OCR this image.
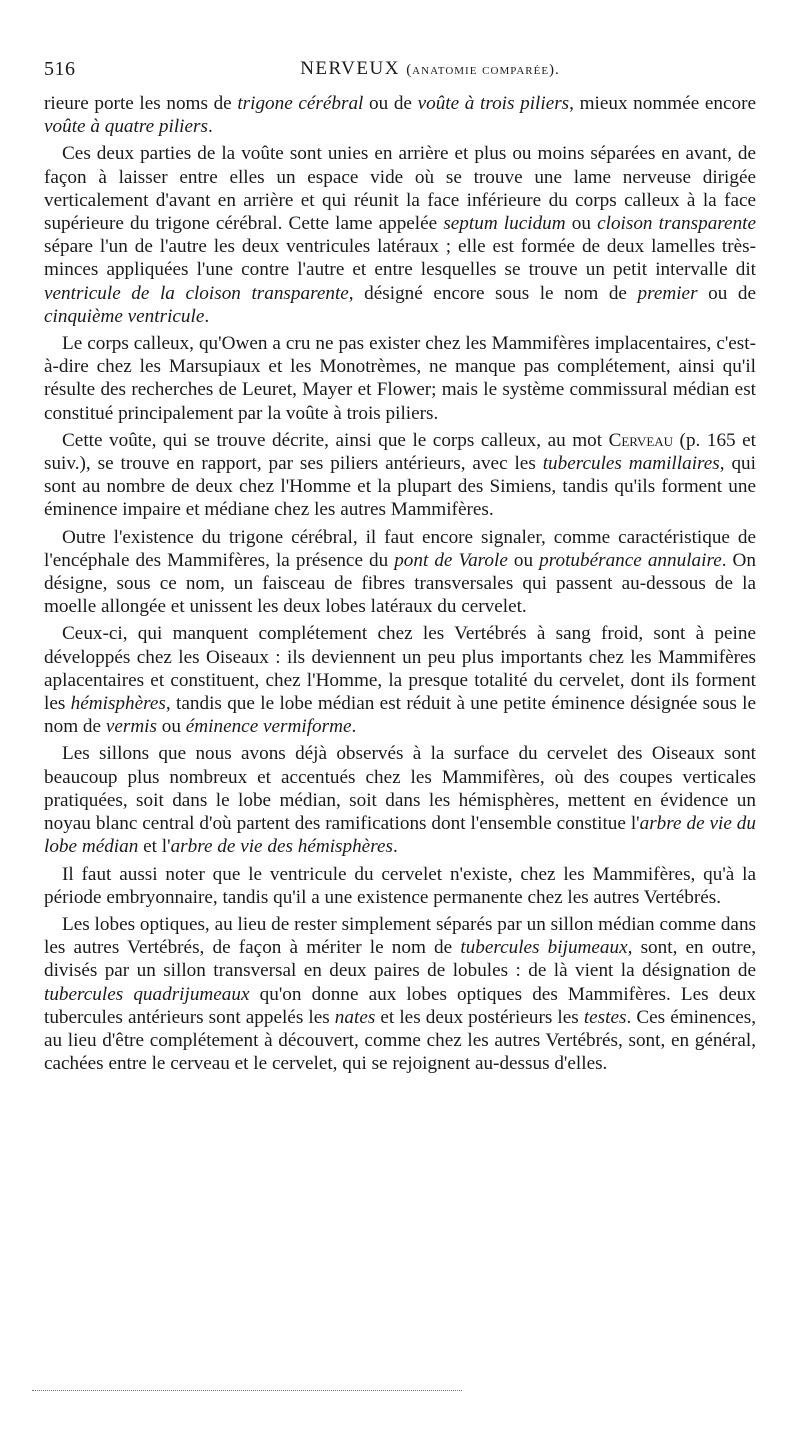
516	NERVEUX (anatomie comparée).

rieure porte les noms de trigone cérébral ou de voûte à trois piliers, mieux nommée encore voûte à quatre piliers.

Ces deux parties de la voûte sont unies en arrière et plus ou moins séparées en avant, de façon à laisser entre elles un espace vide où se trouve une lame nerveuse dirigée verticalement d'avant en arrière et qui réunit la face inférieure du corps calleux à la face supérieure du trigone cérébral. Cette lame appelée septum lucidum ou cloison transparente sépare l'un de l'autre les deux ventricules latéraux ; elle est formée de deux lamelles très-minces appliquées l'une contre l'autre et entre lesquelles se trouve un petit intervalle dit ventricule de la cloison transparente, désigné encore sous le nom de premier ou de cinquième ventricule.

Le corps calleux, qu'Owen a cru ne pas exister chez les Mammifères implacentaires, c'est-à-dire chez les Marsupiaux et les Monotrèmes, ne manque pas complétement, ainsi qu'il résulte des recherches de Leuret, Mayer et Flower; mais le système commissural médian est constitué principalement par la voûte à trois piliers.

Cette voûte, qui se trouve décrite, ainsi que le corps calleux, au mot Cerveau (p. 165 et suiv.), se trouve en rapport, par ses piliers antérieurs, avec les tubercules mamillaires, qui sont au nombre de deux chez l'Homme et la plupart des Simiens, tandis qu'ils forment une éminence impaire et médiane chez les autres Mammifères.

Outre l'existence du trigone cérébral, il faut encore signaler, comme caractéristique de l'encéphale des Mammifères, la présence du pont de Varole ou protubérance annulaire. On désigne, sous ce nom, un faisceau de fibres transversales qui passent au-dessous de la moelle allongée et unissent les deux lobes latéraux du cervelet.

Ceux-ci, qui manquent complétement chez les Vertébrés à sang froid, sont à peine développés chez les Oiseaux : ils deviennent un peu plus importants chez les Mammifères aplacentaires et constituent, chez l'Homme, la presque totalité du cervelet, dont ils forment les hémisphères, tandis que le lobe médian est réduit à une petite éminence désignée sous le nom de vermis ou éminence vermiforme.

Les sillons que nous avons déjà observés à la surface du cervelet des Oiseaux sont beaucoup plus nombreux et accentués chez les Mammifères, où des coupes verticales pratiquées, soit dans le lobe médian, soit dans les hémisphères, mettent en évidence un noyau blanc central d'où partent des ramifications dont l'ensemble constitue l'arbre de vie du lobe médian et l'arbre de vie des hémisphères.

Il faut aussi noter que le ventricule du cervelet n'existe, chez les Mammifères, qu'à la période embryonnaire, tandis qu'il a une existence permanente chez les autres Vertébrés.

Les lobes optiques, au lieu de rester simplement séparés par un sillon médian comme dans les autres Vertébrés, de façon à mériter le nom de tubercules bijumeaux, sont, en outre, divisés par un sillon transversal en deux paires de lobules : de là vient la désignation de tubercules quadrijumeaux qu'on donne aux lobes optiques des Mammifères. Les deux tubercules antérieurs sont appelés les nates et les deux postérieurs les testes. Ces éminences, au lieu d'être complétement à découvert, comme chez les autres Vertébrés, sont, en général, cachées entre le cerveau et le cervelet, qui se rejoignent au-dessus d'elles.
